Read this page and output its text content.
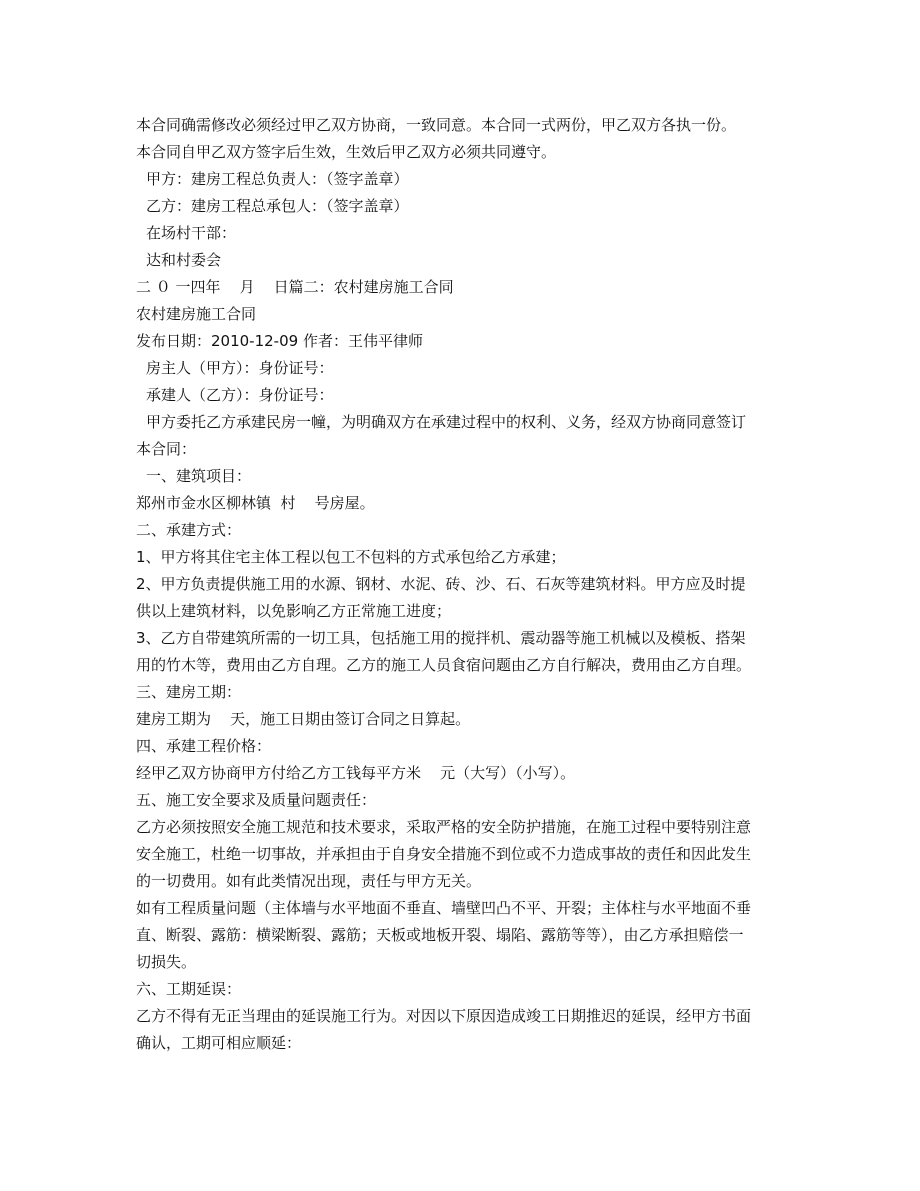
本合同确需修改必须经过甲乙双方协商，一致同意。本合同一式两份，甲乙双方各执一份。
本合同自甲乙双方签字后生效，生效后甲乙双方必须共同遵守。
甲方：建房工程总负责人：（签字盖章）
乙方：建房工程总承包人：（签字盖章）
在场村干部：
达和村委会
二 ０ 一四年    月    日篇二：农村建房施工合同
农村建房施工合同
发布日期：2010-12-09 作者：王伟平律师
房主人（甲方）：身份证号：
承建人（乙方）：身份证号：
甲方委托乙方承建民房一幢，为明确双方在承建过程中的权利、义务，经双方协商同意签订
本合同：
一、建筑项目：
郑州市金水区柳林镇  村    号房屋。
二、承建方式：
1、甲方将其住宅主体工程以包工不包料的方式承包给乙方承建；
2、甲方负责提供施工用的水源、钢材、水泥、砖、沙、石、石灰等建筑材料。甲方应及时提
供以上建筑材料，以免影响乙方正常施工进度；
3、乙方自带建筑所需的一切工具，包括施工用的搅拌机、震动器等施工机械以及模板、搭架
用的竹木等，费用由乙方自理。乙方的施工人员食宿问题由乙方自行解决，费用由乙方自理。
三、建房工期：
建房工期为    天，施工日期由签订合同之日算起。
四、承建工程价格：
经甲乙双方协商甲方付给乙方工钱每平方米    元（大写）（小写）。
五、施工安全要求及质量问题责任：
乙方必须按照安全施工规范和技术要求，采取严格的安全防护措施，在施工过程中要特别注意
安全施工，杜绝一切事故，并承担由于自身安全措施不到位或不力造成事故的责任和因此发生
的一切费用。如有此类情况出现，责任与甲方无关。
如有工程质量问题（主体墙与水平地面不垂直、墙壁凹凸不平、开裂；主体柱与水平地面不垂
直、断裂、露筋：横梁断裂、露筋；天板或地板开裂、塌陷、露筋等等），由乙方承担赔偿一
切损失。
六、工期延误：
乙方不得有无正当理由的延误施工行为。对因以下原因造成竣工日期推迟的延误，经甲方书面
确认，工期可相应顺延：
